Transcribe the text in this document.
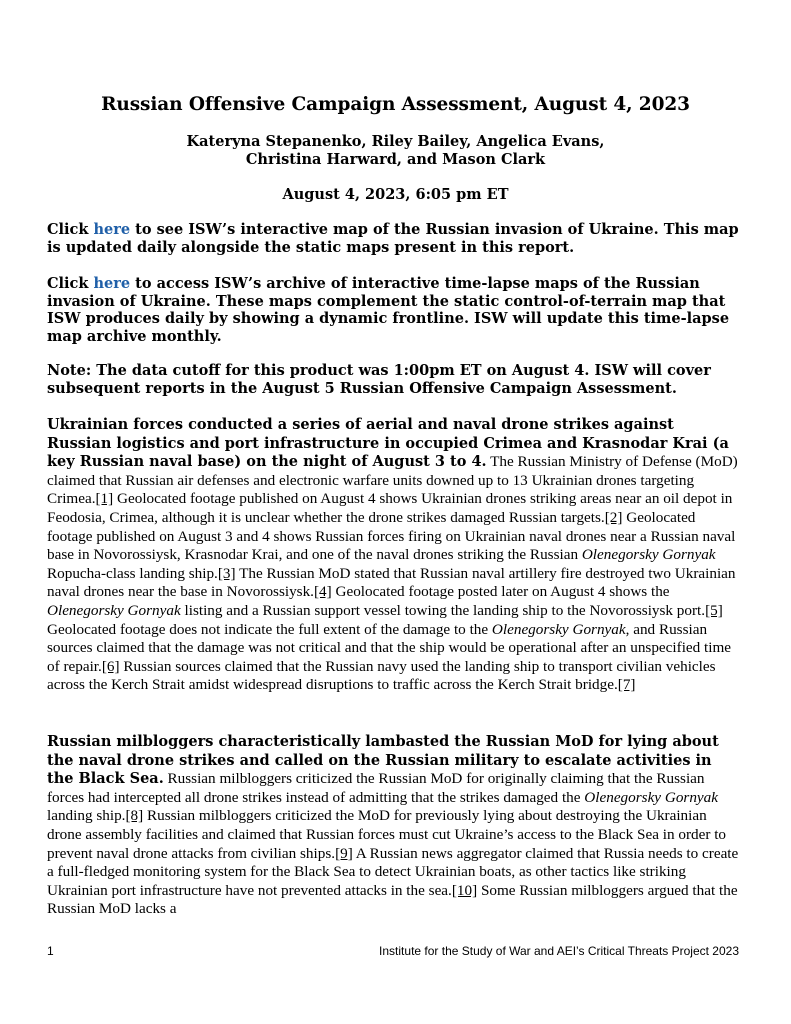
Russian Offensive Campaign Assessment, August 4, 2023
Kateryna Stepanenko, Riley Bailey, Angelica Evans,
Christina Harward, and Mason Clark
August 4, 2023, 6:05 pm ET
Click here to see ISW’s interactive map of the Russian invasion of Ukraine. This map is updated daily alongside the static maps present in this report.
Click here to access ISW’s archive of interactive time-lapse maps of the Russian invasion of Ukraine. These maps complement the static control-of-terrain map that ISW produces daily by showing a dynamic frontline. ISW will update this time-lapse map archive monthly.
Note: The data cutoff for this product was 1:00pm ET on August 4. ISW will cover subsequent reports in the August 5 Russian Offensive Campaign Assessment.
Ukrainian forces conducted a series of aerial and naval drone strikes against Russian logistics and port infrastructure in occupied Crimea and Krasnodar Krai (a key Russian naval base) on the night of August 3 to 4. The Russian Ministry of Defense (MoD) claimed that Russian air defenses and electronic warfare units downed up to 13 Ukrainian drones targeting Crimea.[1] Geolocated footage published on August 4 shows Ukrainian drones striking areas near an oil depot in Feodosia, Crimea, although it is unclear whether the drone strikes damaged Russian targets.[2] Geolocated footage published on August 3 and 4 shows Russian forces firing on Ukrainian naval drones near a Russian naval base in Novorossiysk, Krasnodar Krai, and one of the naval drones striking the Russian Olenegorsky Gornyak Ropucha-class landing ship.[3] The Russian MoD stated that Russian naval artillery fire destroyed two Ukrainian naval drones near the base in Novorossiysk.[4] Geolocated footage posted later on August 4 shows the Olenegorsky Gornyak listing and a Russian support vessel towing the landing ship to the Novorossiysk port.[5] Geolocated footage does not indicate the full extent of the damage to the Olenegorsky Gornyak, and Russian sources claimed that the damage was not critical and that the ship would be operational after an unspecified time of repair.[6] Russian sources claimed that the Russian navy used the landing ship to transport civilian vehicles across the Kerch Strait amidst widespread disruptions to traffic across the Kerch Strait bridge.[7]
Russian milbloggers characteristically lambasted the Russian MoD for lying about the naval drone strikes and called on the Russian military to escalate activities in the Black Sea. Russian milbloggers criticized the Russian MoD for originally claiming that the Russian forces had intercepted all drone strikes instead of admitting that the strikes damaged the Olenegorsky Gornyak landing ship.[8] Russian milbloggers criticized the MoD for previously lying about destroying the Ukrainian drone assembly facilities and claimed that Russian forces must cut Ukraine’s access to the Black Sea in order to prevent naval drone attacks from civilian ships.[9] A Russian news aggregator claimed that Russia needs to create a full-fledged monitoring system for the Black Sea to detect Ukrainian boats, as other tactics like striking Ukrainian port infrastructure have not prevented attacks in the sea.[10] Some Russian milbloggers argued that the Russian MoD lacks a
1	Institute for the Study of War and AEI’s Critical Threats Project 2023
